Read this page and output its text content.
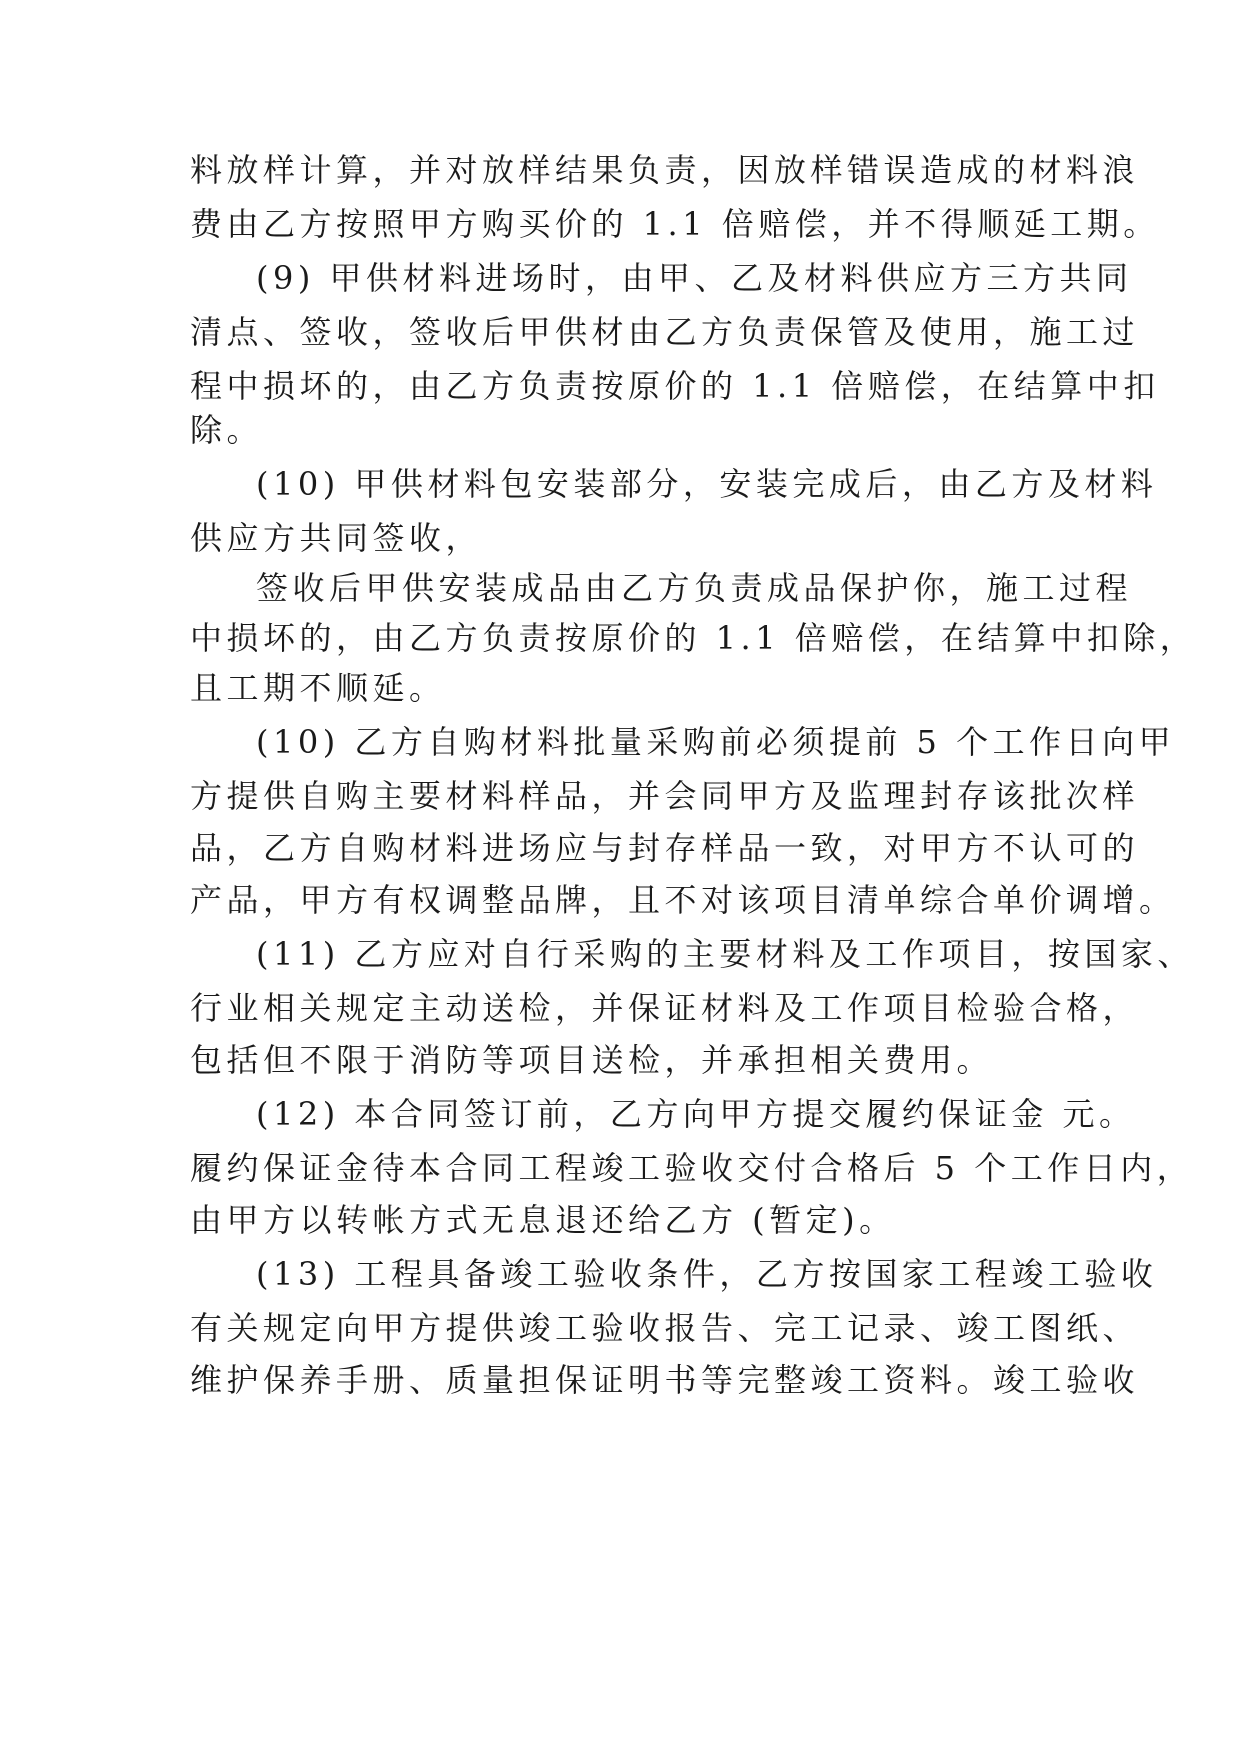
料放样计算，并对放样结果负责，因放样错误造成的材料浪
费由乙方按照甲方购买价的 1.1 倍赔偿，并不得顺延工期。
(9) 甲供材料进场时，由甲、乙及材料供应方三方共同
清点、签收，签收后甲供材由乙方负责保管及使用，施工过
程中损坏的，由乙方负责按原价的 1.1 倍赔偿，在结算中扣
除。
(10) 甲供材料包安装部分，安装完成后，由乙方及材料
供应方共同签收，
签收后甲供安装成品由乙方负责成品保护你，施工过程
中损坏的，由乙方负责按原价的 1.1 倍赔偿，在结算中扣除，
且工期不顺延。
(10) 乙方自购材料批量采购前必须提前 5 个工作日向甲
方提供自购主要材料样品，并会同甲方及监理封存该批次样
品，乙方自购材料进场应与封存样品一致，对甲方不认可的
产品，甲方有权调整品牌，且不对该项目清单综合单价调增。
(11) 乙方应对自行采购的主要材料及工作项目，按国家、
行业相关规定主动送检，并保证材料及工作项目检验合格，
包括但不限于消防等项目送检，并承担相关费用。
(12) 本合同签订前，乙方向甲方提交履约保证金 元。
履约保证金待本合同工程竣工验收交付合格后 5 个工作日内，
由甲方以转帐方式无息退还给乙方 (暂定)。
(13) 工程具备竣工验收条件，乙方按国家工程竣工验收
有关规定向甲方提供竣工验收报告、完工记录、竣工图纸、
维护保养手册、质量担保证明书等完整竣工资料。竣工验收
